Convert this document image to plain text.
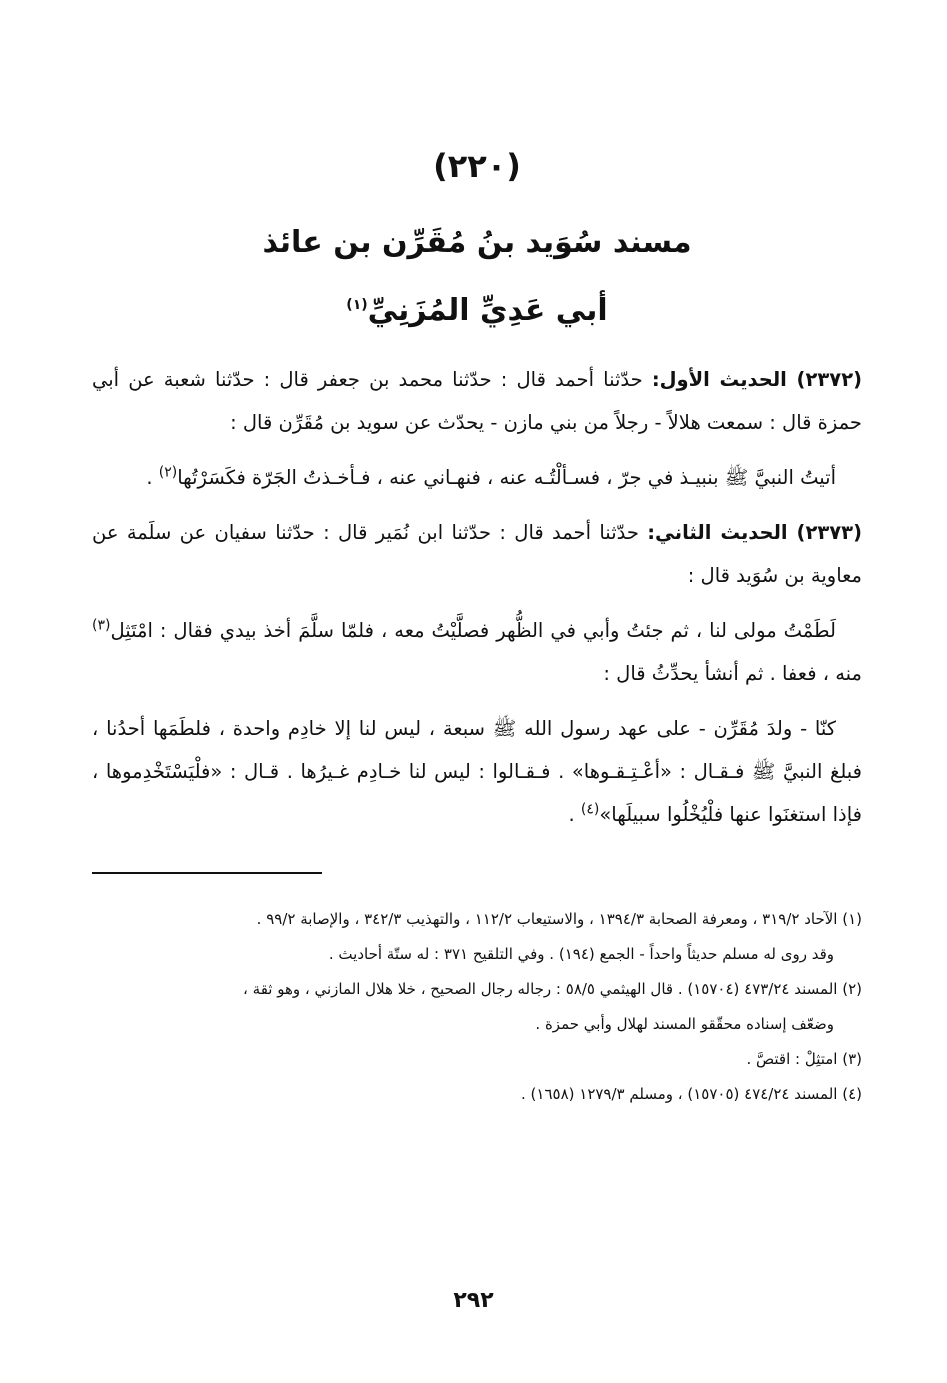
(٢٢٠)

مسند سُوَيد بنُ مُقَرِّن بن عائذ

أبي عَدِيِّ المُزَنِيِّ$^{(١)}$

(٢٣٧٢) الحديث الأول: حدّثنا أحمد قال : حدّثنا محمد بن جعفر قال : حدّثنا شعبة عن أبي حمزة قال : سمعت هلالاً - رجلاً من بني مازن - يحدّث عن سويد بن مُقَرِّن قال :

أتيتُ النبيَّ ﷺ بنبيـذ في جرّ ، فسـألْتُـه عنه ، فنهـاني عنه ، فـأخـذتُ الجَرّة فكَسَرْتُها$^{(٢)}$ .

(٢٣٧٣) الحديث الثاني: حدّثنا أحمد قال : حدّثنا ابن نُمَير قال : حدّثنا سفيان عن سلَمة عن معاوية بن سُوَيد قال :

لَطَمْتُ مولى لنا ، ثم جئتُ وأبي في الظُّهر فصلَّيْتُ معه ، فلمّا سلَّمَ أخذ بيدي فقال : امْتَثِل$^{(٣)}$ منه ، فعفا . ثم أنشأ يحدِّثُ قال :

كنّا - ولدَ مُقَرِّن - على عهد رسول الله ﷺ سبعة ، ليس لنا إلا خادِم واحدة ، فلطَمَها أحدُنا ، فبلغ النبيَّ ﷺ فـقـال : «أعْـتِـقـوها» . فـقـالوا : ليس لنا خـادِم غـيرُها . قـال : «فلْيَسْتَخْدِموها ، فإذا استغنَوا عنها فلْيُخْلُوا سبيلَها»$^{(٤)}$ .

(١) الآحاد ٣١٩/٢ ، ومعرفة الصحابة ١٣٩٤/٣ ، والاستيعاب ١١٢/٢ ، والتهذيب ٣٤٢/٣ ، والإصابة ٩٩/٢ .

وقد روى له مسلم حديثاً واحداً - الجمع (١٩٤) . وفي التلقيح ٣٧١ : له ستّة أحاديث .

(٢) المسند ٤٧٣/٢٤ (١٥٧٠٤) . قال الهيثمي ٥٨/٥ : رجاله رجال الصحيح ، خلا هلال المازني ، وهو ثقة ،

وضعّف إسناده محقّقو المسند لهلال وأبي حمزة .

(٣) امتثِلْ : اقتصَّ .

(٤) المسند ٤٧٤/٢٤ (١٥٧٠٥) ، ومسلم ١٢٧٩/٣ (١٦٥٨) .

٢٩٢
